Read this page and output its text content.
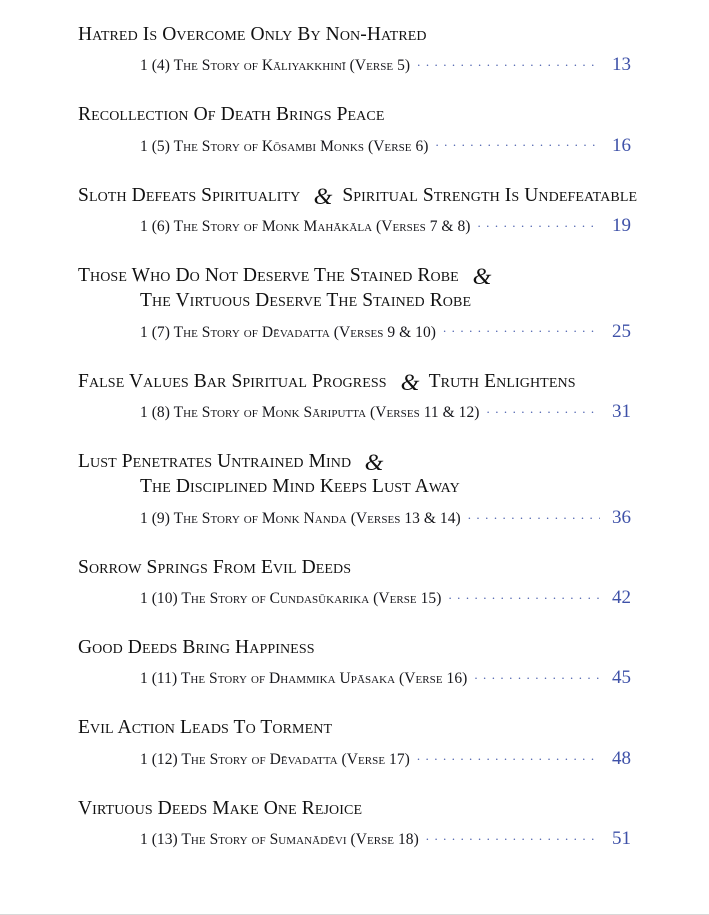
Hatred Is Overcome Only By Non-Hatred
1 (4) The Story of Kāliyakkhinī (Verse 5) . . .	13
Recollection Of Death Brings Peace
1 (5) The Story of Kōsambi Monks (Verse 6) . . .	16
Sloth Defeats Spirituality & Spiritual Strength Is Undefeatable
1 (6) The Story of Monk Mahākāla (Verses 7 & 8) . . .	19
Those Who Do Not Deserve The Stained Robe &
The Virtuous Deserve The Stained Robe
1 (7) The Story of Dēvadatta (Verses 9 & 10) . . .	25
False Values Bar Spiritual Progress & Truth Enlightens
1 (8) The Story of Monk Sāriputta (Verses 11 & 12) . . .	31
Lust Penetrates Untrained Mind &
The Disciplined Mind Keeps Lust Away
1 (9) The Story of Monk Nanda (Verses 13 & 14) . . .	36
Sorrow Springs From Evil Deeds
1 (10) The Story of Cundasūkarika (Verse 15) . . .	42
Good Deeds Bring Happiness
1 (11) The Story of Dhammika Upāsaka (Verse 16) . . .	45
Evil Action Leads To Torment
1 (12) The Story of Dēvadatta (Verse 17) . . .	48
Virtuous Deeds Make One Rejoice
1 (13) The Story of Sumanādēvi (Verse 18) . . .	51
